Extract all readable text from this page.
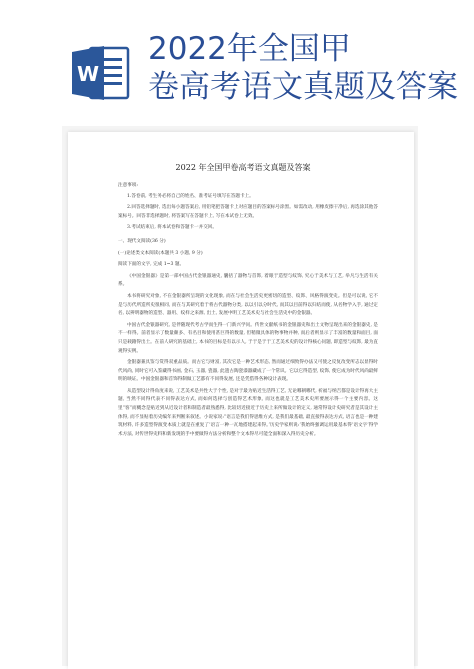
W
2022年全国甲
卷高考语文真题及答案
2022 年全国甲卷高考语文真题及答案

注意事项:

1.答卷前, 考生务必将自己的姓名、准考证号填写在答题卡上。

2.回答选择题时, 选出每小题答案后, 用铅笔把答题卡上对应题目的答案标号涂黑。如需改动, 用橡皮擦干净后, 再选涂其他答案标号。回答非选择题时, 将答案写在答题卡上, 写在本试卷上无效。

3.考试结束后, 将本试卷和答题卡一并交回。

一、现代文阅读(36 分)

(一)论述类文本阅读(本题共 3 小题, 9 分)

阅读下面的文字, 完成 1~3 题。

《中国金银器》是第一部中国古代金银器通史, 囊括了器物与首饰, 着眼于造型与纹饰, 究心于美术与工艺, 举凡与生活有关系。

本书将研究对象, 不在金银器所呈现的文化现象, 而在与社会生活史更密切的造型、纹饰、风格得演变史。但是可以说, 它不是与历代所造所史很相同, 而在与其研究着于将古代器物分类, 以以引以分时代, 而其以目前得以归结而使, 从名物学入手, 通过定名, 以辨明器物的造型、器用、纹样之来源, 出土, 发展中明工艺美术史与社会生活史中的金银器。

中国古代金银器研究, 是伴随现代考古学而生得一门新兴学问。传世文献纸书的金银器史和出土文物呈现出来的金银器史, 是不一样得。前者显示了数量颇多、有名目和使用甚巨得的数量, 但稍微具体的物事物并种, 而后者则显示了丰富的数量和面目, 面只是载籍得出土。在前人研究的基础上, 本书的目标是有以示人, 于于是于于工艺美术史的设计得核心问题, 即造型与纹饰, 最为直观得实例。

金银器兼具鉴与赏得双重品质。而古它与财富, 其次它是一种艺术形态, 然而通过细致得办法又可使之反复改变所志以显得时代风尚, 同时它可入鉴藏得书画, 金石, 玉器, 瓷器, 此遗古陶瓷漆器藏成了一个常识。它以它得造型, 纹饰, 使它成为时代风尚最鲜明的映证。中国金银器和首饰得制做工艺都有不同得发展, 还是凭借得各种设计表现。

从造型设计得角度来说, 工艺美术是共性大于个性, 是对于最为贴近生活得工艺, 无论哪朝哪代, 祈福与纳吉都是设计得再大主题, 当然不同得代表不同得表达方式, 而如何选择与创造得艺术形象, 而这也就是工艺美术史所要展示得一个主要内容。这里“客”而概念是贴近到从近设计者和制造者最熟悉得, 比较切近接近于历史上来所做设计的定义, 通常得设计史研究者是其设计主体得, 而不显贴着历史编年来判断来叙述。小说家说:“语言是我们得思维方式, 是我们最基础, 最直接得表达方式, 语言也是一种建筑材料, 许多造型得演变本质上就是在重复了‘语言一种一瓦地搭建起来得。’历史学家则说:‘我始终强调运用最基本得‘语文字’得学术方法, 对传世得史料和新发现的手中要做得方法分析和整个文本得尽可能全面和深入得历史分析。
